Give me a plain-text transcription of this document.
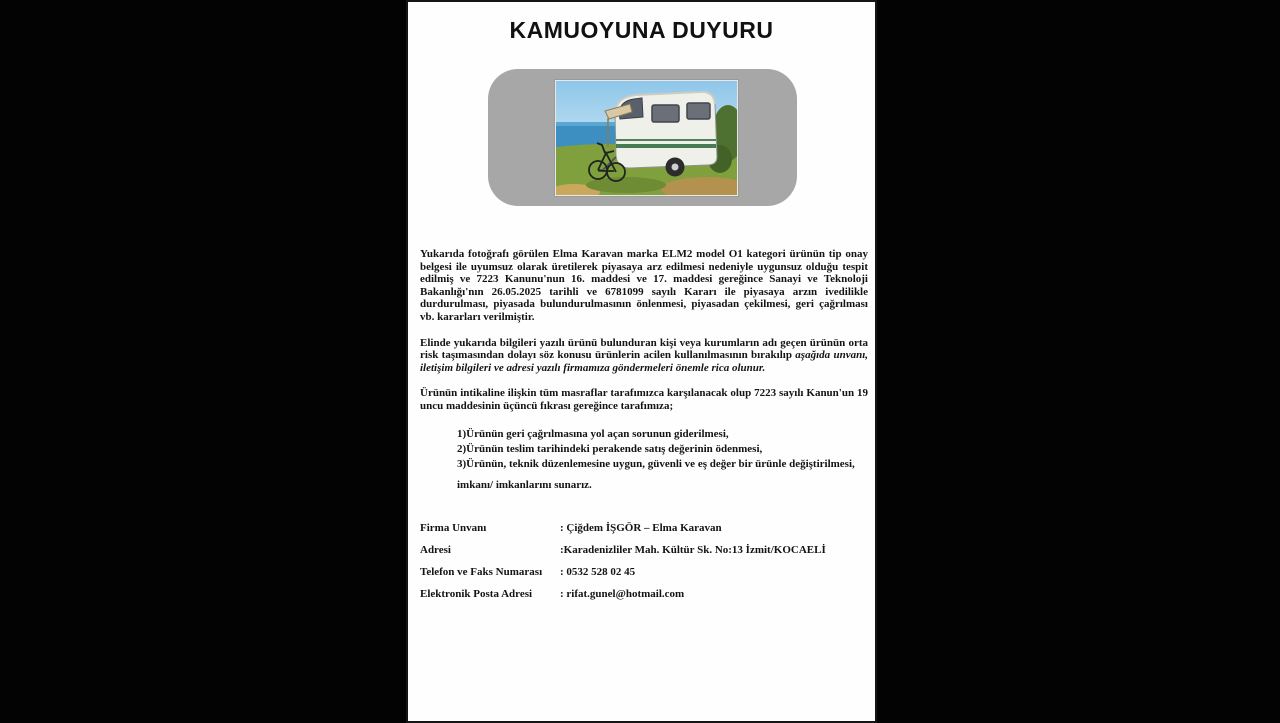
KAMUOYUNA DUYURU

Yukarıda fotoğrafı görülen Elma Karavan marka ELM2 model O1 kategori ürünün tip onay belgesi ile uyumsuz olarak üretilerek piyasaya arz edilmesi nedeniyle uygunsuz olduğu tespit edilmiş ve 7223 Kanunu'nun 16. maddesi ve 17. maddesi gereğince Sanayi ve Teknoloji Bakanlığı'nın 26.05.2025 tarihli ve 6781099 sayılı Kararı ile piyasaya arzın ivedilikle durdurulması, piyasada bulundurulmasının önlenmesi, piyasadan çekilmesi, geri çağrılması vb. kararları verilmiştir.

Elinde yukarıda bilgileri yazılı ürünü bulunduran kişi veya kurumların adı geçen ürünün orta risk taşımasından dolayı söz konusu ürünlerin acilen kullanılmasının bırakılıp aşağıda unvanı, iletişim bilgileri ve adresi yazılı firmamıza göndermeleri önemle rica olunur.

Ürünün intikaline ilişkin tüm masraflar tarafımızca karşılanacak olup 7223 sayılı Kanun'un 19 uncu maddesinin üçüncü fıkrası gereğince tarafımıza;

1)Ürünün geri çağrılmasına yol açan sorunun giderilmesi,
2)Ürünün teslim tarihindeki perakende satış değerinin ödenmesi,
3)Ürünün, teknik düzenlemesine uygun, güvenli ve eş değer bir ürünle değiştirilmesi,
imkanı/ imkanlarını sunarız.
Firma Unvanı	: Çiğdem İŞGÖR – Elma Karavan
Adresi	:Karadenizliler Mah. Kültür Sk. No:13 İzmit/KOCAELİ
Telefon ve Faks Numarası	: 0532 528 02 45
Elektronik Posta Adresi	: rifat.gunel@hotmail.com
